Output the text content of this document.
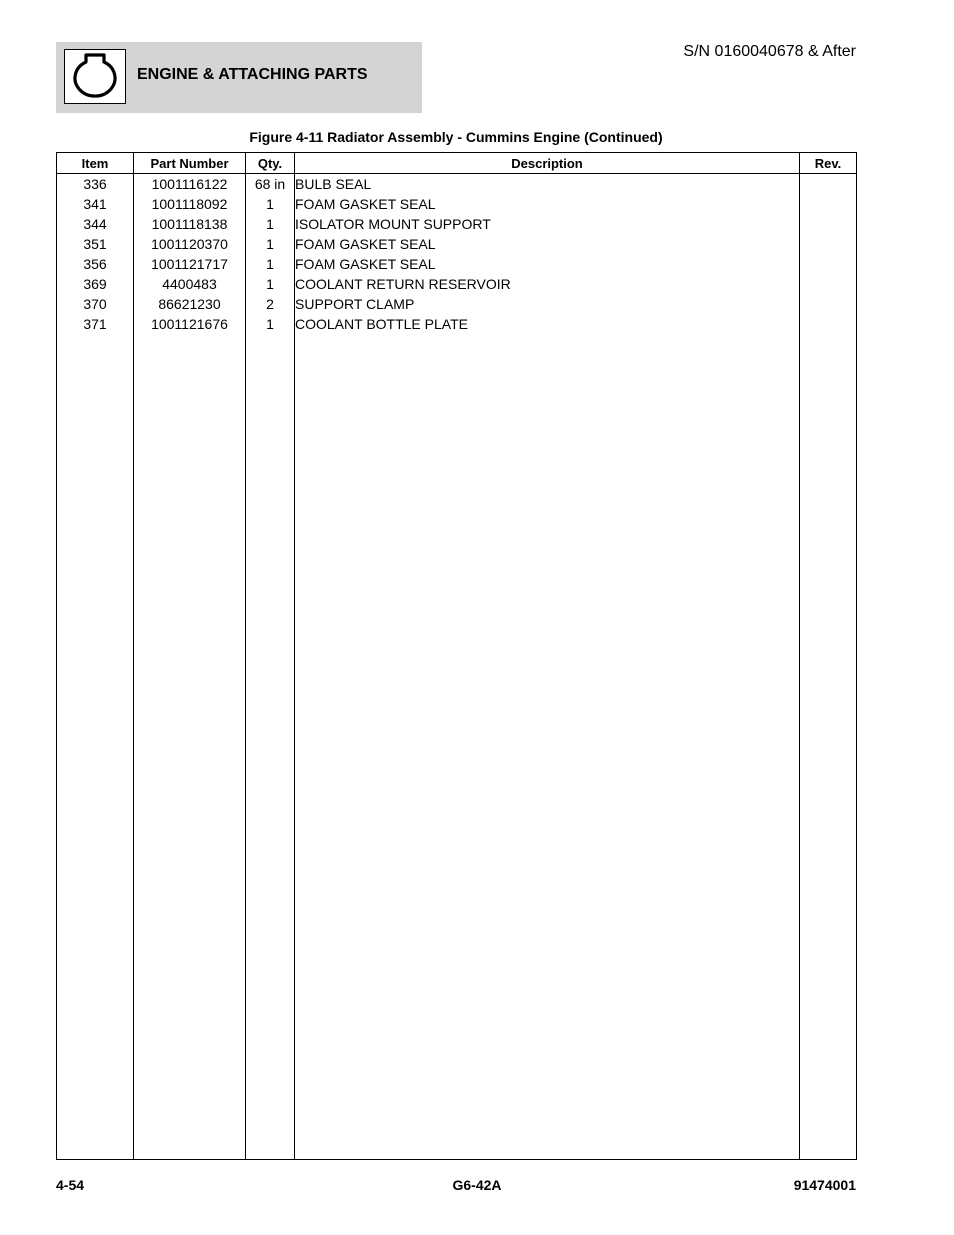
ENGINE & ATTACHING PARTS
S/N 0160040678 & After
Figure 4-11 Radiator Assembly - Cummins Engine (Continued)
Item	Part Number	Qty.	Description	Rev.
336	1001116122	68 in	BULB SEAL	
341	1001118092	1	FOAM GASKET SEAL	
344	1001118138	1	ISOLATOR MOUNT SUPPORT	
351	1001120370	1	FOAM GASKET SEAL	
356	1001121717	1	FOAM GASKET SEAL	
369	4400483	1	COOLANT RETURN RESERVOIR	
370	86621230	2	SUPPORT CLAMP	
371	1001121676	1	COOLANT BOTTLE PLATE	

4-54	G6-42A	91474001
